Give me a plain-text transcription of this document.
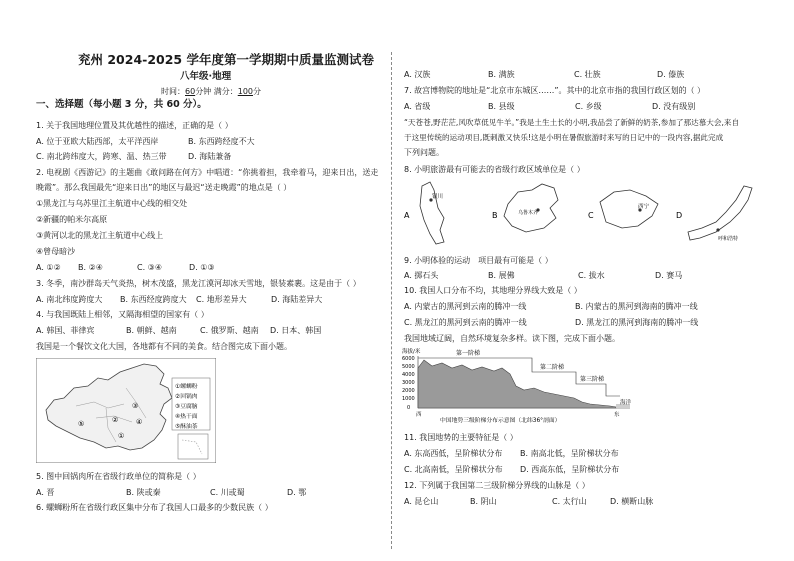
兖州 2024-2025 学年度第一学期期中质量监测试卷
八年级·地理
时间：60分钟 满分：100分
一、选择题（每小题 3 分，共 60 分）。
1. 关于我国地理位置及其优越性的描述，正确的是（ ）
A. 位于亚欧大陆西部，太平洋西岸	B. 东西跨经度不大
C. 南北跨纬度大，跨寒、温、热三带	D. 海陆兼备
2. 电视剧《西游记》的主题曲《敢问路在何方》中唱道：“你挑着担，我牵着马，迎来日出，送走
晚霞”。那么我国最先“迎来日出”的地区与最迟“送走晚霞”的地点是（ ）
①黑龙江与乌苏里江主航道中心线的相交处
②新疆的帕米尔高原
③黄河以北的黑龙江主航道中心线上
④曾母暗沙
A. ①② B. ②④	C. ③④	D. ①③
3. 冬季，南沙群岛天气炎热，树木茂盛，黑龙江漠河却冰天雪地，银装素裹。这是由于（ ）
A. 南北纬度跨度大 B. 东西经度跨度大 C. 地形差异大	D. 海陆差异大
4. 与我国既陆上相邻，又隔海相望的国家有（ ）
A. 韩国、菲律宾	B. 朝鲜、越南	C. 俄罗斯、越南 D. 日本、韩国
我国是一个餐饮文化大国，各地都有不同的美食。结合图完成下面小题。
⑤	②
③
④
①
①螺蛳粉
②回锅肉
③豆腐脑
④热干面
⑤酥油茶
5. 图中回锅肉所在省级行政单位的简称是（ ）
A. 晋	B. 陕或秦	C. 川或蜀	D. 鄂
6. 螺蛳粉所在省级行政区集中分布了我国人口最多的少数民族（ ）
A. 汉族	B. 满族	C. 壮族	D. 傣族
7. 故宫博物院的地址是“北京市东城区……”。其中的北京市指的我国行政区划的（ ）
A. 省级	B. 县级	C. 乡级	D. 没有级别
“天苍苍,野茫茫,风吹草低见牛羊。”我是土生土长的小明,我品尝了新鲜的奶茶,参加了那达慕大会,来自
于这里传统的运动项目,既刺激又快乐!这是小明在暑假旅游时来写的日记中的一段内容,据此完成
下列问题。
8. 小明旅游最有可能去的省级行政区域单位是（ ）
A
银川
B	乌鲁木齐	C
西宁
D
呼和浩特
9. 小明体验的运动　项目最有可能是（ ）
A. 掷石头	B. 展佛	C. 拔水	D. 赛马
10. 我国人口分布不均，其地理分界线大致是（ ）
A. 内蒙古的黑河到云南的腾冲一线	B. 内蒙古的黑河到海南的腾冲一线
C. 黑龙江的黑河到云南的腾冲一线	D. 黑龙江的黑河到海南的腾冲一线
我国地域辽阔，自然环境复杂多样。读下图，完成下面小题。
海拔/米
6000
5000
4000
3000
2000
1000
0
第一阶梯
第二阶梯
第三阶梯
海洋
西	东
中国地势三级阶梯分布示意图（北纬36°剖面）
11. 我国地势的主要特征是（ ）
A. 东高西低，呈阶梯状分布 B. 南高北低，呈阶梯状分布
C. 北高南低，呈阶梯状分布 D. 西高东低，呈阶梯状分布
12. 下列属于我国第二三级阶梯分界线的山脉是（ ）
A. 昆仑山	B. 阴山	C. 太行山	D. 横断山脉
